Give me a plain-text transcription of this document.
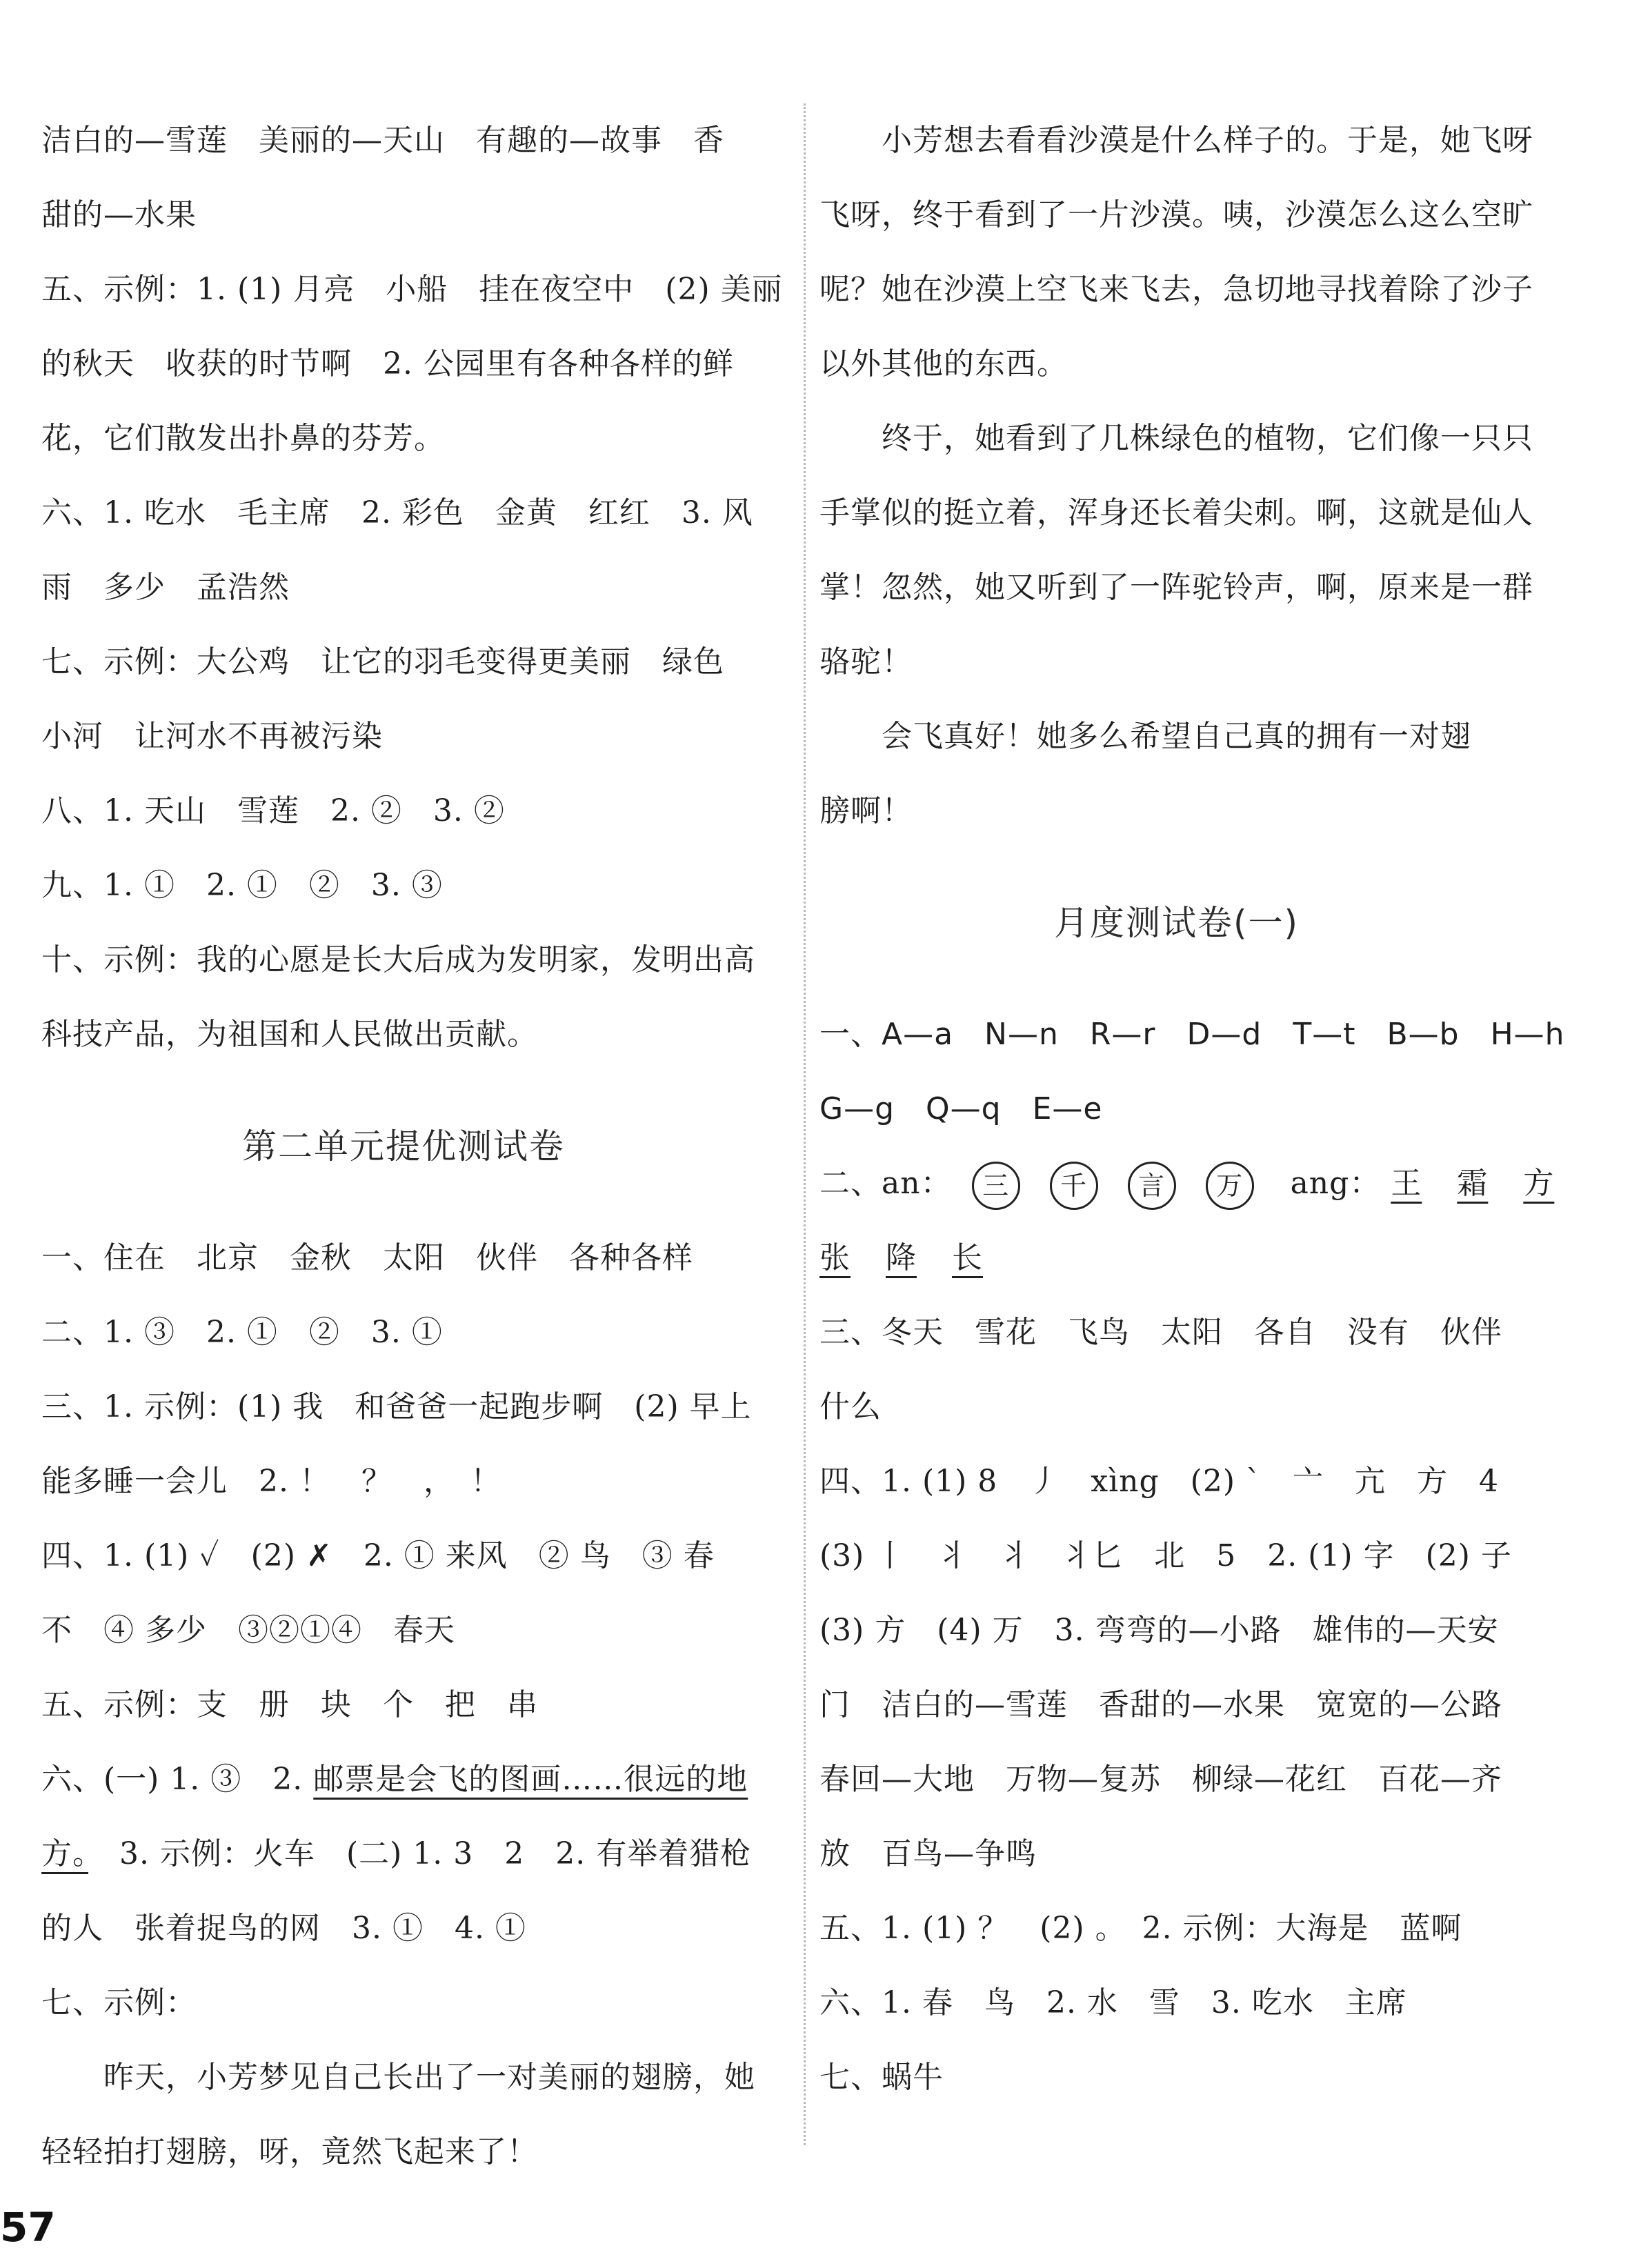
洁白的—雪莲　美丽的—天山　有趣的—故事　香
甜的—水果
五、示例：1. (1) 月亮　小船　挂在夜空中　(2) 美丽
的秋天　收获的时节啊　2. 公园里有各种各样的鲜
花，它们散发出扑鼻的芬芳。
六、1. 吃水　毛主席　2. 彩色　金黄　红红　3. 风
雨　多少　孟浩然
七、示例：大公鸡　让它的羽毛变得更美丽　绿色
小河　让河水不再被污染
八、1. 天山　雪莲　2. ②　3. ②
九、1. ①　2. ①　②　3. ③
十、示例：我的心愿是长大后成为发明家，发明出高
科技产品，为祖国和人民做出贡献。
第二单元提优测试卷
一、住在　北京　金秋　太阳　伙伴　各种各样
二、1. ③　2. ①　②　3. ①
三、1. 示例：(1) 我　和爸爸一起跑步啊　(2) 早上
能多睡一会儿　2. ！　？　，　！
四、1. (1) ✓　(2) ✗　2. ① 来风　② 鸟　③ 春
不　④ 多少　③②①④　春天
五、示例：支　册　块　个　把　串
六、(一) 1. ③　2. 邮票是会飞的图画……很远的地
方。　3. 示例：火车　(二) 1. 3　2　2. 有举着猎枪
的人　张着捉鸟的网　3. ①　4. ①
七、示例：
昨天，小芳梦见自己长出了一对美丽的翅膀，她
轻轻拍打翅膀，呀，竟然飞起来了！
小芳想去看看沙漠是什么样子的。于是，她飞呀
飞呀，终于看到了一片沙漠。咦，沙漠怎么这么空旷
呢？她在沙漠上空飞来飞去，急切地寻找着除了沙子
以外其他的东西。
终于，她看到了几株绿色的植物，它们像一只只
手掌似的挺立着，浑身还长着尖刺。啊，这就是仙人
掌！忽然，她又听到了一阵驼铃声，啊，原来是一群
骆驼！
会飞真好！她多么希望自己真的拥有一对翅
膀啊！
月度测试卷(一)
一、A—a　N—n　R—r　D—d　T—t　B—b　H—h
G—g　Q—q　E—e
二、an： 三 千 言 万 ang： 王 霜 方
张 降 长
三、冬天　雪花　飞鸟　太阳　各自　没有　伙伴
什么
四、1. (1) 8　丿　xìng　(2) ˋ　亠　亢　方　4
(3) 丨　丬　丬　丬匕　北　5　2. (1) 字　(2) 子
(3) 方　(4) 万　3. 弯弯的—小路　雄伟的—天安
门　洁白的—雪莲　香甜的—水果　宽宽的—公路
春回—大地　万物—复苏　柳绿—花红　百花—齐
放　百鸟—争鸣
五、1. (1) ？　(2) 。　2. 示例：大海是　蓝啊
六、1. 春　鸟　2. 水　雪　3. 吃水　主席
七、蜗牛
57
